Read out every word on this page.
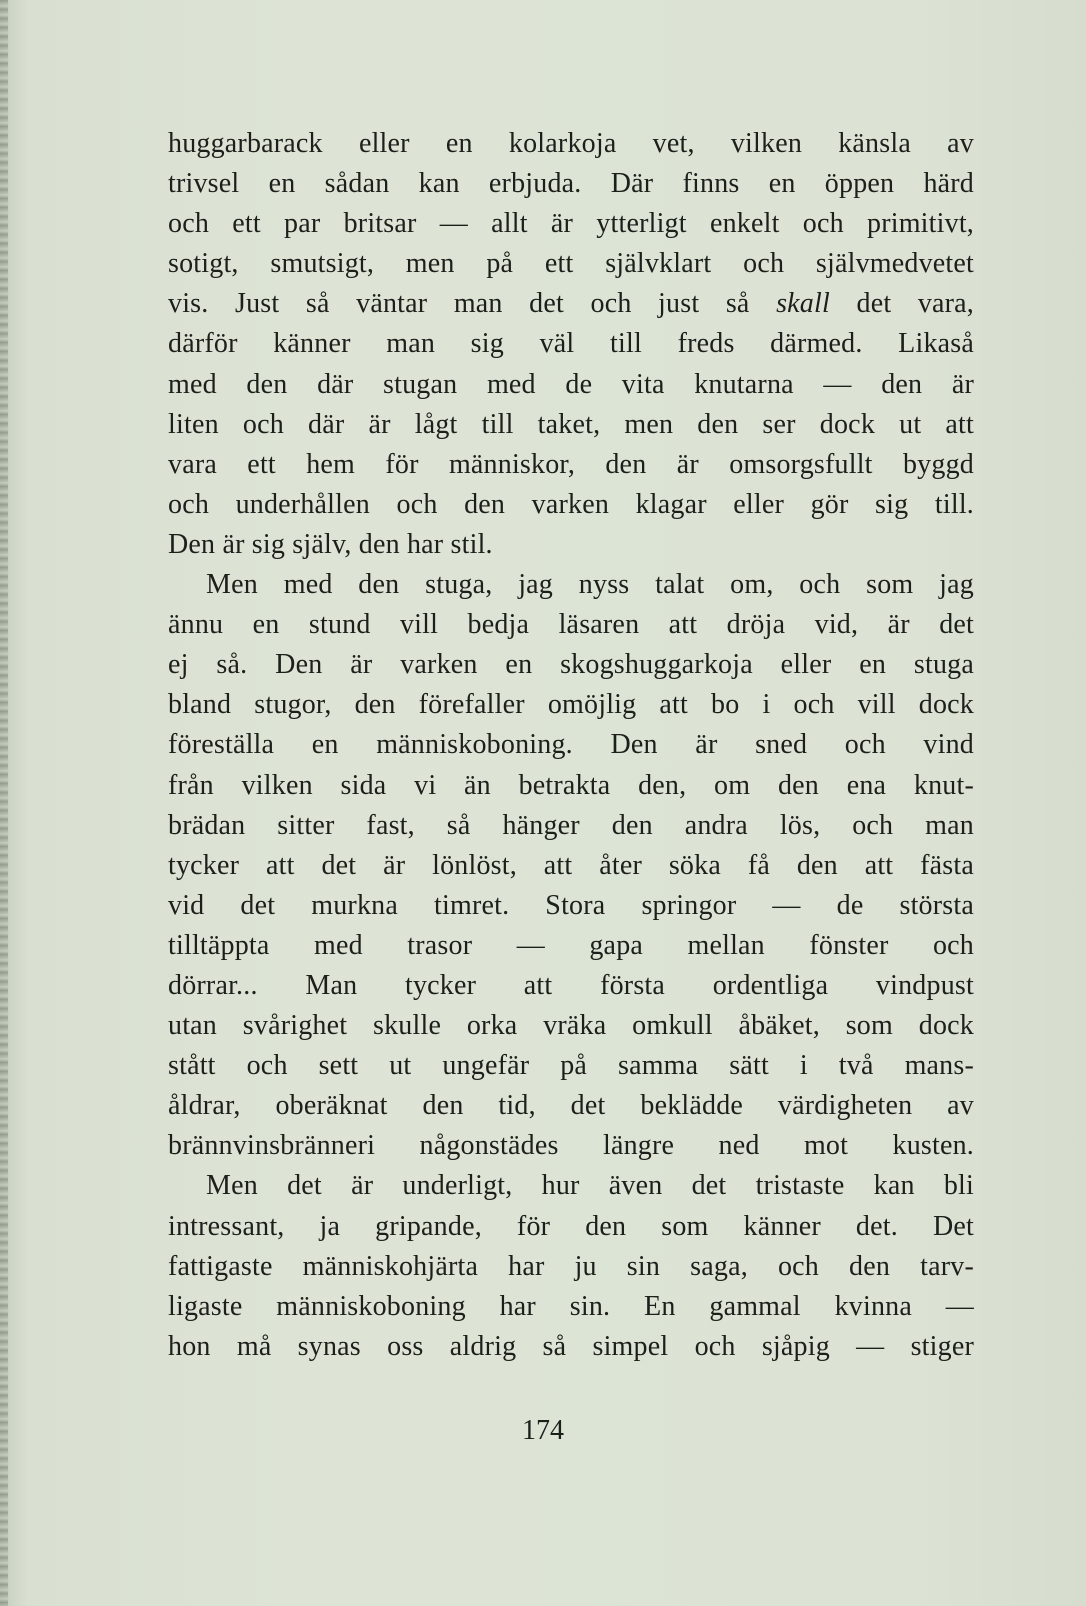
huggarbarack eller en kolarkoja vet, vilken känsla av
trivsel en sådan kan erbjuda. Där finns en öppen härd
och ett par britsar — allt är ytterligt enkelt och primitivt,
sotigt, smutsigt, men på ett självklart och självmedvetet
vis. Just så väntar man det och just så skall det vara,
därför känner man sig väl till freds därmed. Likaså
med den där stugan med de vita knutarna — den är
liten och där är lågt till taket, men den ser dock ut att
vara ett hem för människor, den är omsorgsfullt byggd
och underhållen och den varken klagar eller gör sig till.
Den är sig själv, den har stil.
Men med den stuga, jag nyss talat om, och som jag
ännu en stund vill bedja läsaren att dröja vid, är det
ej så. Den är varken en skogshuggarkoja eller en stuga
bland stugor, den förefaller omöjlig att bo i och vill dock
föreställa en människoboning. Den är sned och vind
från vilken sida vi än betrakta den, om den ena knut-
brädan sitter fast, så hänger den andra lös, och man
tycker att det är lönlöst, att åter söka få den att fästa
vid det murkna timret. Stora springor — de största
tilltäppta med trasor — gapa mellan fönster och
dörrar... Man tycker att första ordentliga vindpust
utan svårighet skulle orka vräka omkull åbäket, som dock
stått och sett ut ungefär på samma sätt i två mans-
åldrar, oberäknat den tid, det beklädde värdigheten av
brännvinsbränneri någonstädes längre ned mot kusten.
Men det är underligt, hur även det tristaste kan bli
intressant, ja gripande, för den som känner det. Det
fattigaste människohjärta har ju sin saga, och den tarv-
ligaste människoboning har sin. En gammal kvinna —
hon må synas oss aldrig så simpel och sjåpig — stiger
174
